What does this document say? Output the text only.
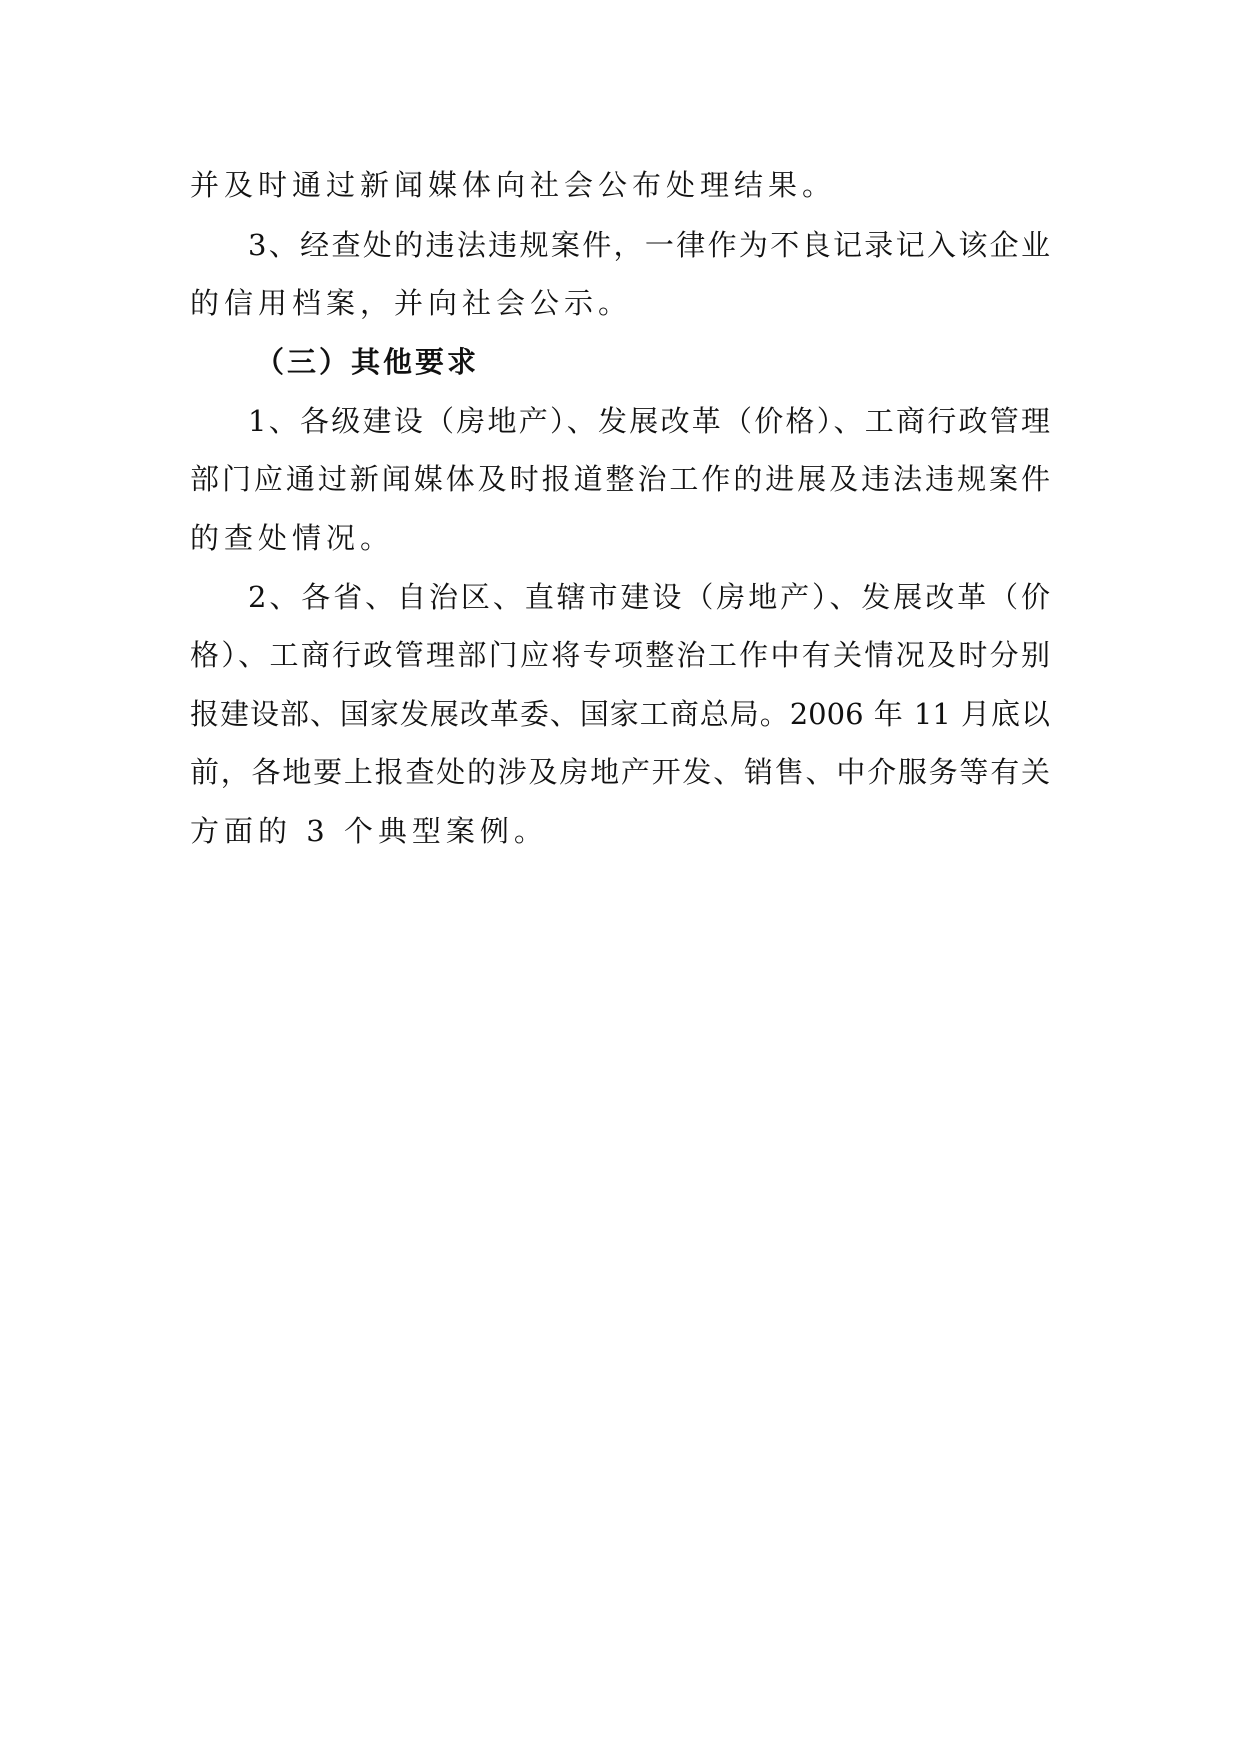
并及时通过新闻媒体向社会公布处理结果。
3、经查处的违法违规案件，一律作为不良记录记入该企业
的信用档案，并向社会公示。
（三）其他要求
1、各级建设（房地产）、发展改革（价格）、工商行政管理
部门应通过新闻媒体及时报道整治工作的进展及违法违规案件
的查处情况。
2、各省、自治区、直辖市建设（房地产）、发展改革（价
格）、工商行政管理部门应将专项整治工作中有关情况及时分别
报建设部、国家发展改革委、国家工商总局。2006 年 11 月底以
前，各地要上报查处的涉及房地产开发、销售、中介服务等有关
方面的 3 个典型案例。
